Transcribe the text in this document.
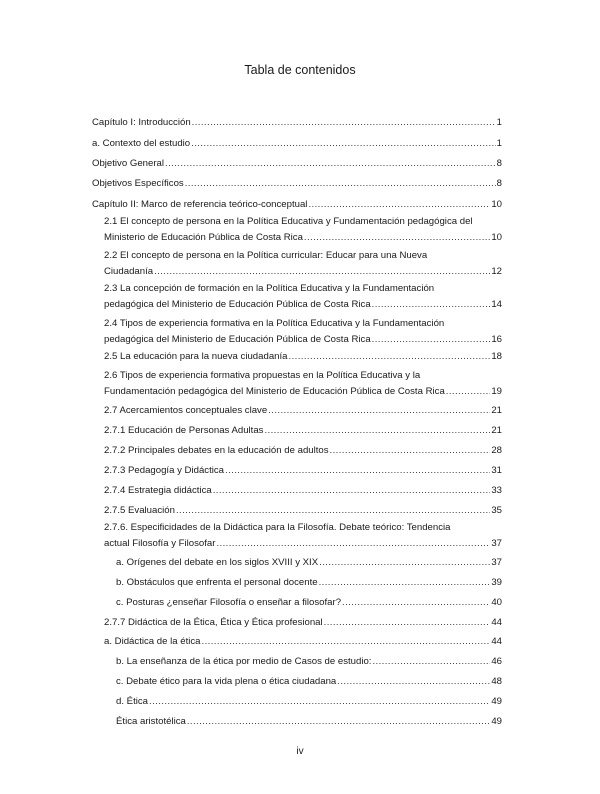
Tabla de contenidos
Capítulo I: Introducción .....	1
a. Contexto del estudio .....	1
Objetivo General .....	8
Objetivos Específicos .....	8
Capítulo II: Marco de referencia teórico-conceptual .....	10
2.1 El concepto de persona en la Política Educativa y Fundamentación pedagógica del
Ministerio de Educación Pública de Costa Rica .....	10
2.2 El concepto de persona en la Política curricular: Educar para una Nueva
Ciudadanía .....	12
2.3 La concepción de formación en la Política Educativa y la Fundamentación
pedagógica del Ministerio de Educación Pública de Costa Rica .....	14
2.4 Tipos de experiencia formativa en la Política Educativa y la Fundamentación
pedagógica del Ministerio de Educación Pública de Costa Rica .....	16
2.5 La educación para la nueva ciudadanía .....	18
2.6 Tipos de experiencia formativa propuestas en la Política Educativa y la
Fundamentación pedagógica del Ministerio de Educación Pública de Costa Rica .....	19
2.7 Acercamientos conceptuales clave .....	21
2.7.1 Educación de Personas Adultas .....	21
2.7.2 Principales debates en la educación de adultos .....	28
2.7.3 Pedagogía y Didáctica .....	31
2.7.4 Estrategia didáctica .....	33
2.7.5 Evaluación .....	35
2.7.6. Especificidades de la Didáctica para la Filosofía. Debate teórico: Tendencia
actual Filosofía y Filosofar .....	37
a. Orígenes del debate en los siglos XVIII y XIX .....	37
b. Obstáculos que enfrenta el personal docente .....	39
c. Posturas ¿enseñar Filosofía o enseñar a filosofar? .....	40
2.7.7 Didáctica de la Ética, Ética y Ética profesional .....	44
a. Didáctica de la ética .....	44
b. La enseñanza de la ética por medio de Casos de estudio: .....	46
c. Debate ético para la vida plena o ética ciudadana .....	48
d. Ética .....	49
Ética aristotélica .....	49
iv
